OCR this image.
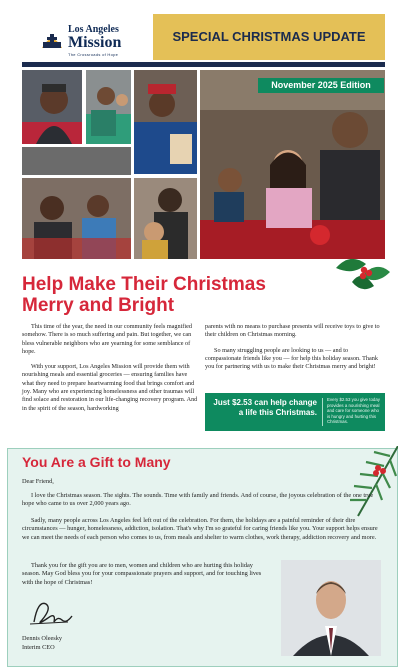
Los Angeles
Mission
The Crossroads of Hope
SPECIAL CHRISTMAS UPDATE
November 2025 Edition
Help Make Their Christmas Merry and Bright

This time of the year, the need in our community feels magnified somehow. There is so much suffering and pain. But together, we can bless vulnerable neighbors who are yearning for some semblance of hope.

With your support, Los Angeles Mission will provide them with nourishing meals and essential groceries — ensuring families have what they need to prepare heartwarming food that brings comfort and joy. Many who are experiencing homelessness and other traumas will find solace and restoration in our life-changing recovery program. And in the spirit of the season, hardworking

parents with no means to purchase presents will receive toys to give to their children on Christmas morning.

So many struggling people are looking to us — and to compassionate friends like you — for help this holiday season. Thank you for partnering with us to make their Christmas merry and bright!

Just $2.53 can help change a life this Christmas.
Every $2.53 you give today provides a nourishing meal and care for someone who is hungry and hurting this Christmas.
You Are a Gift to Many
Dear Friend,

I love the Christmas season. The sights. The sounds. Time with family and friends. And of course, the joyous celebration of the one true hope who came to us over 2,000 years ago.

Sadly, many people across Los Angeles feel left out of the celebration. For them, the holidays are a painful reminder of their dire circumstances — hunger, homelessness, addiction, isolation. That's why I'm so grateful for caring friends like you. Your support helps ensure we can meet the needs of each person who comes to us, from meals and shelter to warm clothes, work therapy, addiction recovery and more.

Thank you for the gift you are to men, women and children who are hurting this holiday season. May God bless you for your compassionate prayers and support, and for touching lives with the hope of Christmas!

Dennis Oleesky
Interim CEO
